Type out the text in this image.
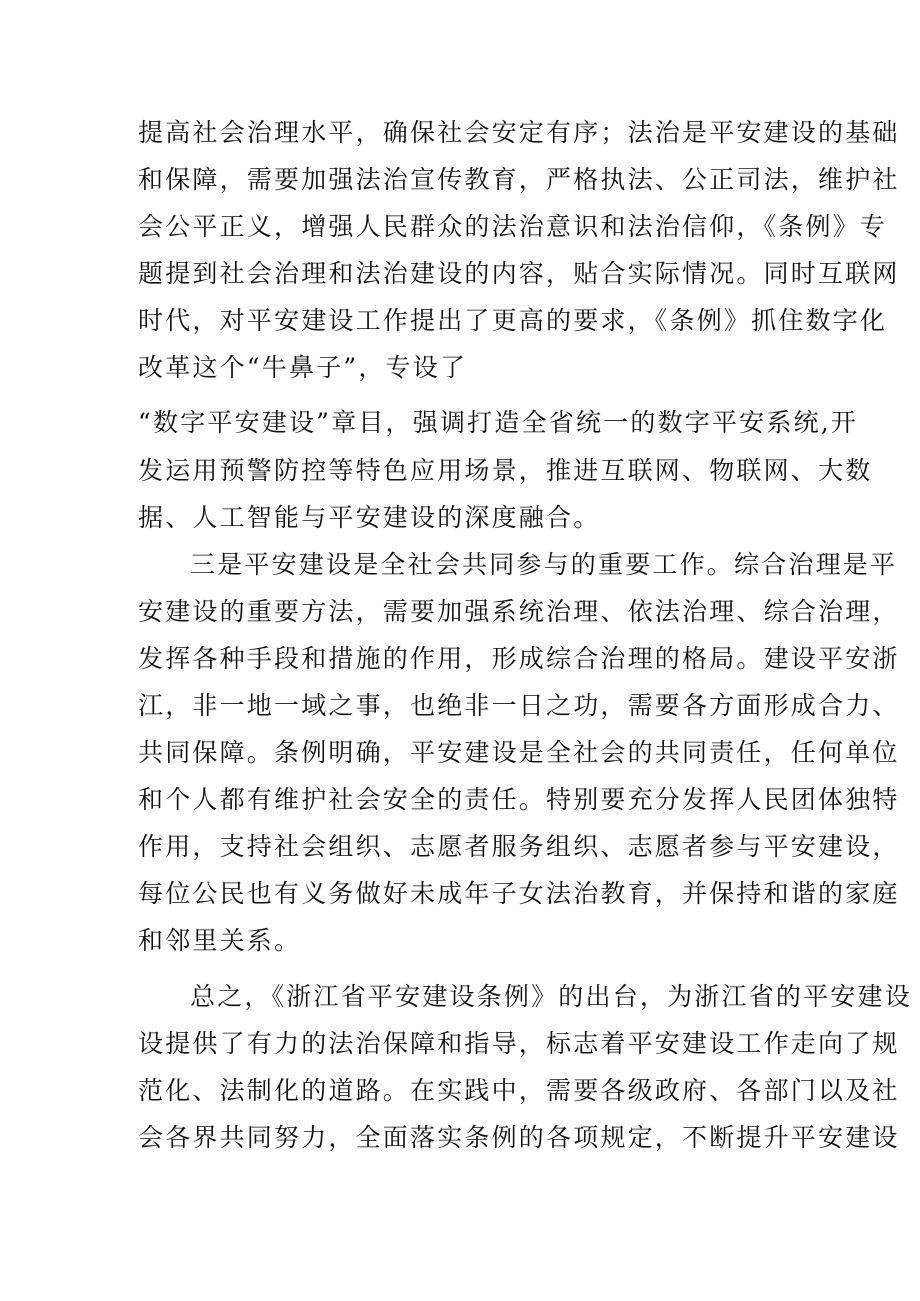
提高社会治理水平，确保社会安定有序；法治是平安建设的基础
和保障，需要加强法治宣传教育，严格执法、公正司法，维护社
会公平正义，增强人民群众的法治意识和法治信仰，《条例》专
题提到社会治理和法治建设的内容，贴合实际情况。同时互联网
时代，对平安建设工作提出了更高的要求，《条例》抓住数字化
改革这个“牛鼻子”，专设了
“数字平安建设”章目，强调打造全省统一的数字平安系统,开
发运用预警防控等特色应用场景，推进互联网、物联网、大数
据、人工智能与平安建设的深度融合。
三是平安建设是全社会共同参与的重要工作。综合治理是平
安建设的重要方法，需要加强系统治理、依法治理、综合治理，
发挥各种手段和措施的作用，形成综合治理的格局。建设平安浙
江，非一地一域之事，也绝非一日之功，需要各方面形成合力、
共同保障。条例明确，平安建设是全社会的共同责任，任何单位
和个人都有维护社会安全的责任。特别要充分发挥人民团体独特
作用，支持社会组织、志愿者服务组织、志愿者参与平安建设，
每位公民也有义务做好未成年子女法治教育，并保持和谐的家庭
和邻里关系。
总之，《浙江省平安建设条例》的出台，为浙江省的平安建设
设提供了有力的法治保障和指导，标志着平安建设工作走向了规
范化、法制化的道路。在实践中，需要各级政府、各部门以及社
会各界共同努力，全面落实条例的各项规定，不断提升平安建设
